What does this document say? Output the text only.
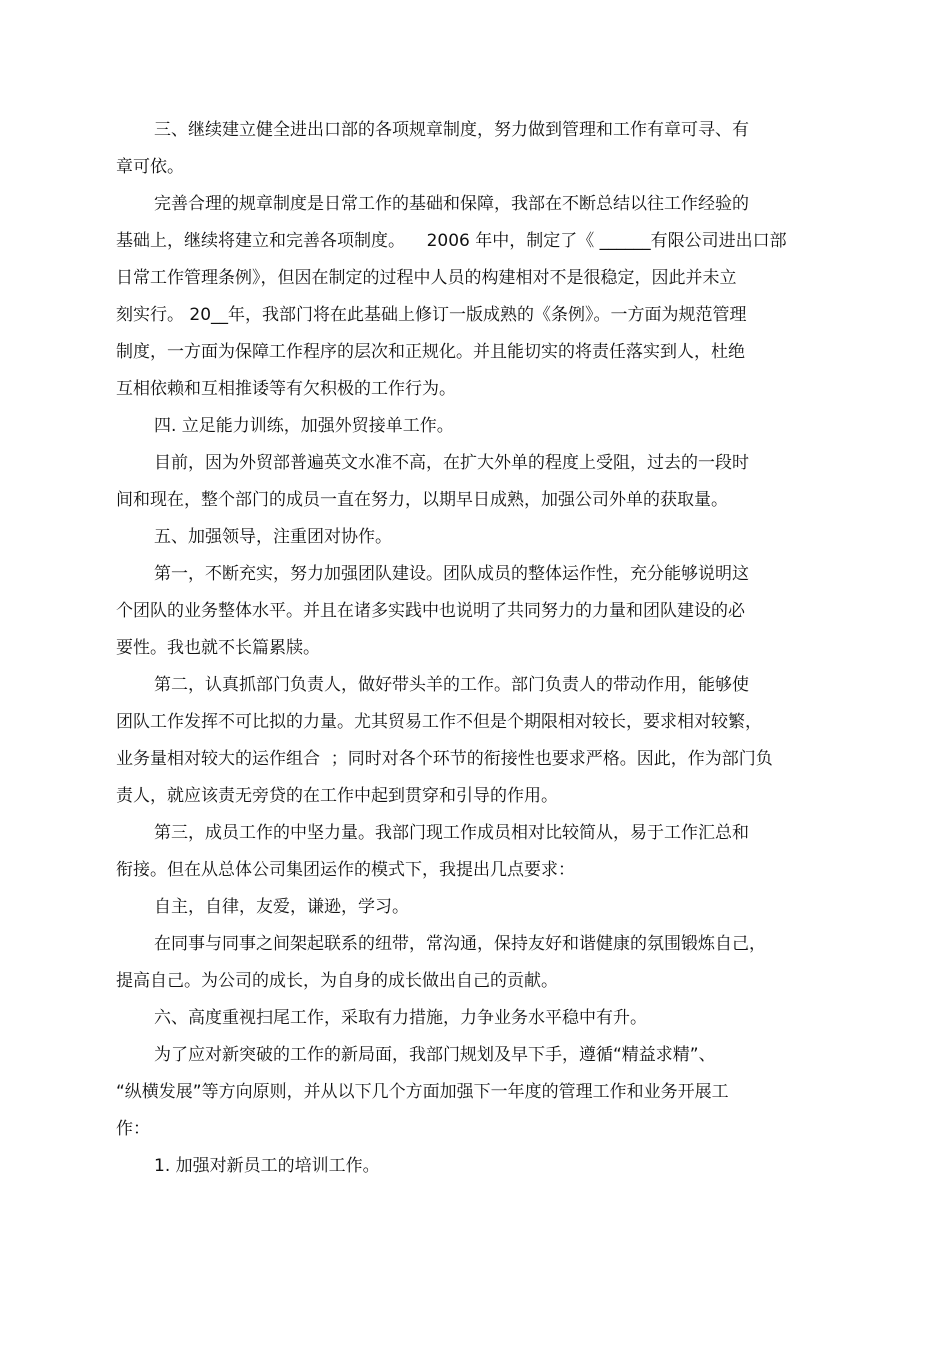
三、继续建立健全进出口部的各项规章制度，努力做到管理和工作有章可寻、有
章可依。
完善合理的规章制度是日常工作的基础和保障，我部在不断总结以往工作经验的
基础上，继续将建立和完善各项制度。    2006 年中，制定了《 ______有限公司进出口部
日常工作管理条例》，但因在制定的过程中人员的构建相对不是很稳定，因此并未立
刻实行。 20__年，我部门将在此基础上修订一版成熟的《条例》。一方面为规范管理
制度，一方面为保障工作程序的层次和正规化。并且能切实的将责任落实到人，杜绝
互相依赖和互相推诿等有欠积极的工作行为。
四. 立足能力训练，加强外贸接单工作。
目前，因为外贸部普遍英文水准不高，在扩大外单的程度上受阻，过去的一段时
间和现在，整个部门的成员一直在努力，以期早日成熟，加强公司外单的获取量。
五、加强领导，注重团对协作。
第一，不断充实，努力加强团队建设。团队成员的整体运作性，充分能够说明这
个团队的业务整体水平。并且在诸多实践中也说明了共同努力的力量和团队建设的必
要性。我也就不长篇累牍。
第二，认真抓部门负责人，做好带头羊的工作。部门负责人的带动作用，能够使
团队工作发挥不可比拟的力量。尤其贸易工作不但是个期限相对较长，要求相对较繁，
业务量相对较大的运作组合  ；同时对各个环节的衔接性也要求严格。因此，作为部门负
责人，就应该责无旁贷的在工作中起到贯穿和引导的作用。
第三，成员工作的中坚力量。我部门现工作成员相对比较简从，易于工作汇总和
衔接。但在从总体公司集团运作的模式下，我提出几点要求：
自主，自律，友爱，谦逊，学习。
在同事与同事之间架起联系的纽带，常沟通，保持友好和谐健康的氛围锻炼自己，
提高自己。为公司的成长，为自身的成长做出自己的贡献。
六、高度重视扫尾工作，采取有力措施，力争业务水平稳中有升。
为了应对新突破的工作的新局面，我部门规划及早下手，遵循“精益求精”、
“纵横发展”等方向原则，并从以下几个方面加强下一年度的管理工作和业务开展工
作：
1. 加强对新员工的培训工作。
